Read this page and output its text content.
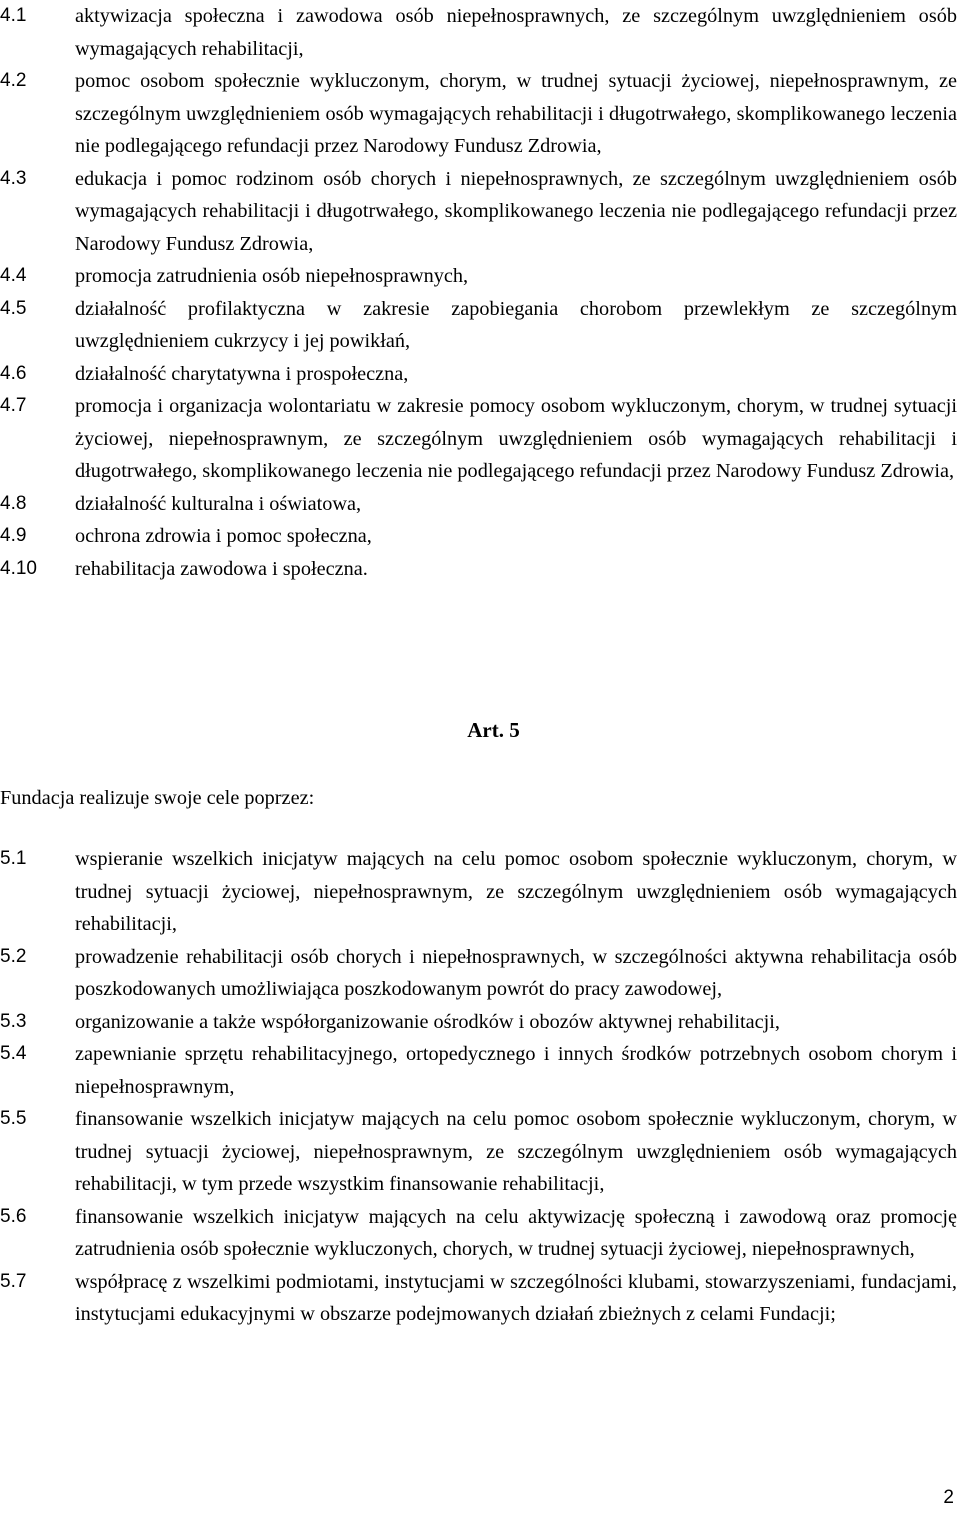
4.1	aktywizacja społeczna i zawodowa osób niepełnosprawnych, ze szczególnym uwzględnieniem osób wymagających rehabilitacji,

4.2	pomoc osobom społecznie wykluczonym, chorym, w trudnej sytuacji życiowej, niepełnosprawnym, ze szczególnym uwzględnieniem osób wymagających rehabilitacji i długotrwałego, skomplikowanego leczenia nie podlegającego refundacji przez Narodowy Fundusz Zdrowia,

4.3	edukacja i pomoc rodzinom osób chorych i niepełnosprawnych, ze szczególnym uwzględnieniem osób wymagających rehabilitacji i długotrwałego, skomplikowanego leczenia nie podlegającego refundacji przez Narodowy Fundusz Zdrowia,

4.4	promocja zatrudnienia osób niepełnosprawnych,

4.5	działalność profilaktyczna w zakresie zapobiegania chorobom przewlekłym ze szczególnym uwzględnieniem cukrzycy i jej powikłań,

4.6	działalność charytatywna i prospołeczna,

4.7	promocja i organizacja wolontariatu w zakresie pomocy osobom wykluczonym, chorym, w trudnej sytuacji życiowej, niepełnosprawnym, ze szczególnym uwzględnieniem osób wymagających rehabilitacji i długotrwałego, skomplikowanego leczenia nie podlegającego refundacji przez Narodowy Fundusz Zdrowia,

4.8	działalność kulturalna i oświatowa,

4.9	ochrona zdrowia i pomoc społeczna,

4.10	rehabilitacja zawodowa i społeczna.

Art. 5
Fundacja realizuje swoje cele poprzez:
5.1	wspieranie wszelkich inicjatyw mających na celu pomoc osobom społecznie wykluczonym, chorym, w trudnej sytuacji życiowej, niepełnosprawnym, ze szczególnym uwzględnieniem osób wymagających rehabilitacji,

5.2	prowadzenie rehabilitacji osób chorych i niepełnosprawnych, w szczególności aktywna rehabilitacja osób poszkodowanych umożliwiająca poszkodowanym powrót do pracy zawodowej,

5.3	organizowanie a także współorganizowanie ośrodków i obozów aktywnej rehabilitacji,

5.4	zapewnianie sprzętu rehabilitacyjnego, ortopedycznego i innych środków potrzebnych osobom chorym i niepełnosprawnym,

5.5	finansowanie wszelkich inicjatyw mających na celu pomoc osobom społecznie wykluczonym, chorym, w trudnej sytuacji życiowej, niepełnosprawnym, ze szczególnym uwzględnieniem osób wymagających rehabilitacji, w tym przede wszystkim finansowanie rehabilitacji,

5.6	finansowanie wszelkich inicjatyw mających na celu aktywizację społeczną i zawodową oraz promocję zatrudnienia osób społecznie wykluczonych, chorych, w trudnej sytuacji życiowej, niepełnosprawnych,

5.7	współpracę z wszelkimi podmiotami, instytucjami w szczególności klubami, stowarzyszeniami, fundacjami, instytucjami edukacyjnymi w obszarze podejmowanych działań zbieżnych z celami Fundacji;

2
